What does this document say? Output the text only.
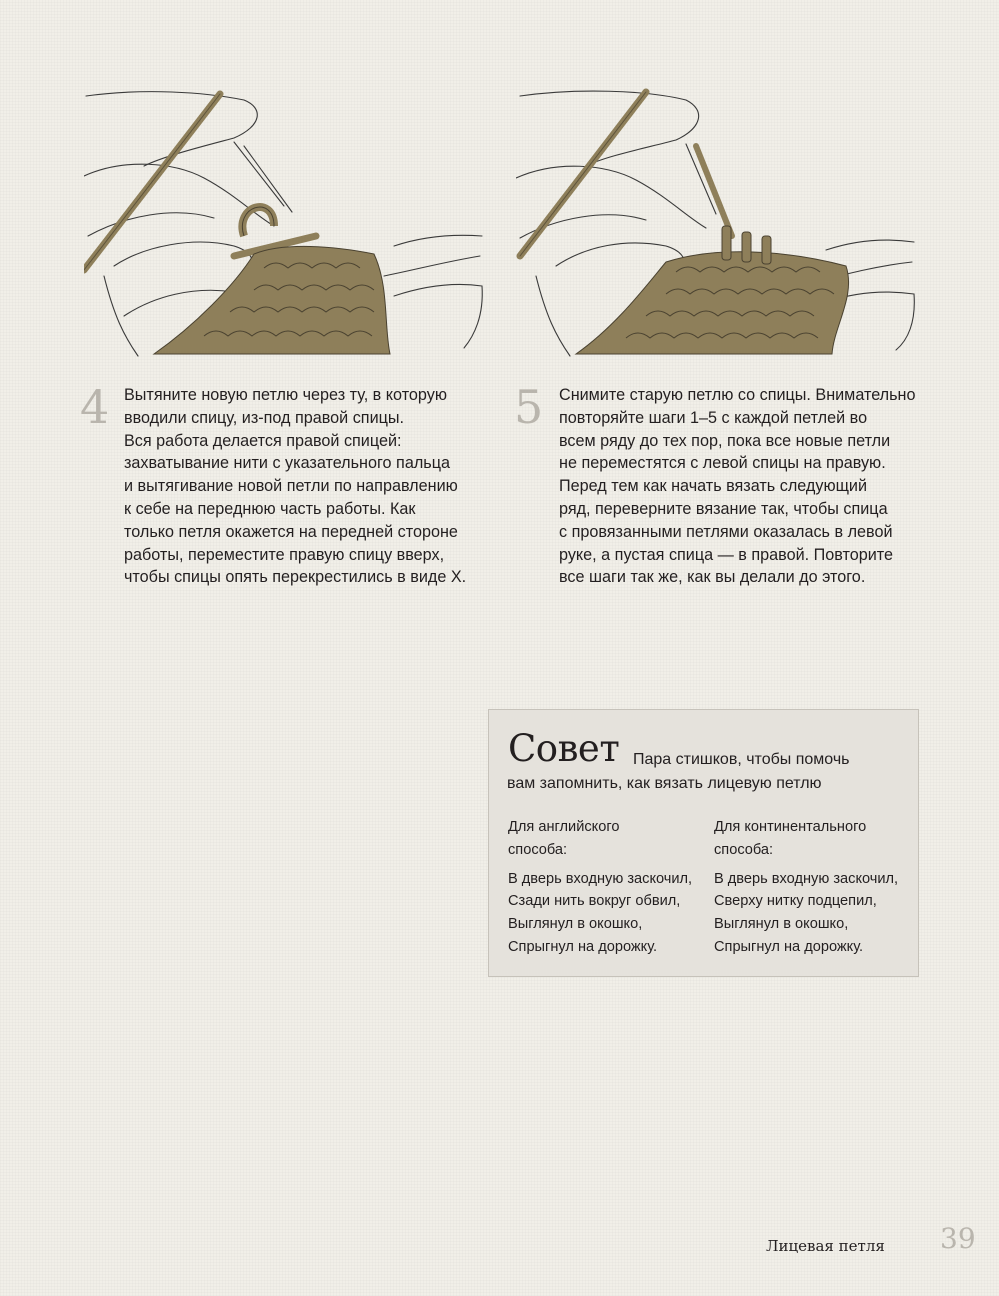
4 Вытяните новую петлю через ту, в которую
вводили спицу, из-под правой спицы.
Вся работа делается правой спицей:
захватывание нити с указательного пальца
и вытягивание новой петли по направлению
к себе на переднюю часть работы. Как
только петля окажется на передней стороне
работы, переместите правую спицу вверх,
чтобы спицы опять перекрестились в виде X.
5 Снимите старую петлю со спицы. Внимательно
повторяйте шаги 1–5 с каждой петлей во
всем ряду до тех пор, пока все новые петли
не переместятся с левой спицы на правую.
Перед тем как начать вязать следующий
ряд, переверните вязание так, чтобы спица
с провязанными петлями оказалась в левой
руке, а пустая спица — в правой. Повторите
все шаги так же, как вы делали до этого.
Совет Пара стишков, чтобы помочь
вам запомнить, как вязать лицевую петлю
Для английского
способа:
В дверь входную заскочил,
Сзади нить вокруг обвил,
Выглянул в окошко,
Спрыгнул на дорожку.
Для континентального
способа:
В дверь входную заскочил,
Сверху нитку подцепил,
Выглянул в окошко,
Спрыгнул на дорожку.
Лицевая петля 39
